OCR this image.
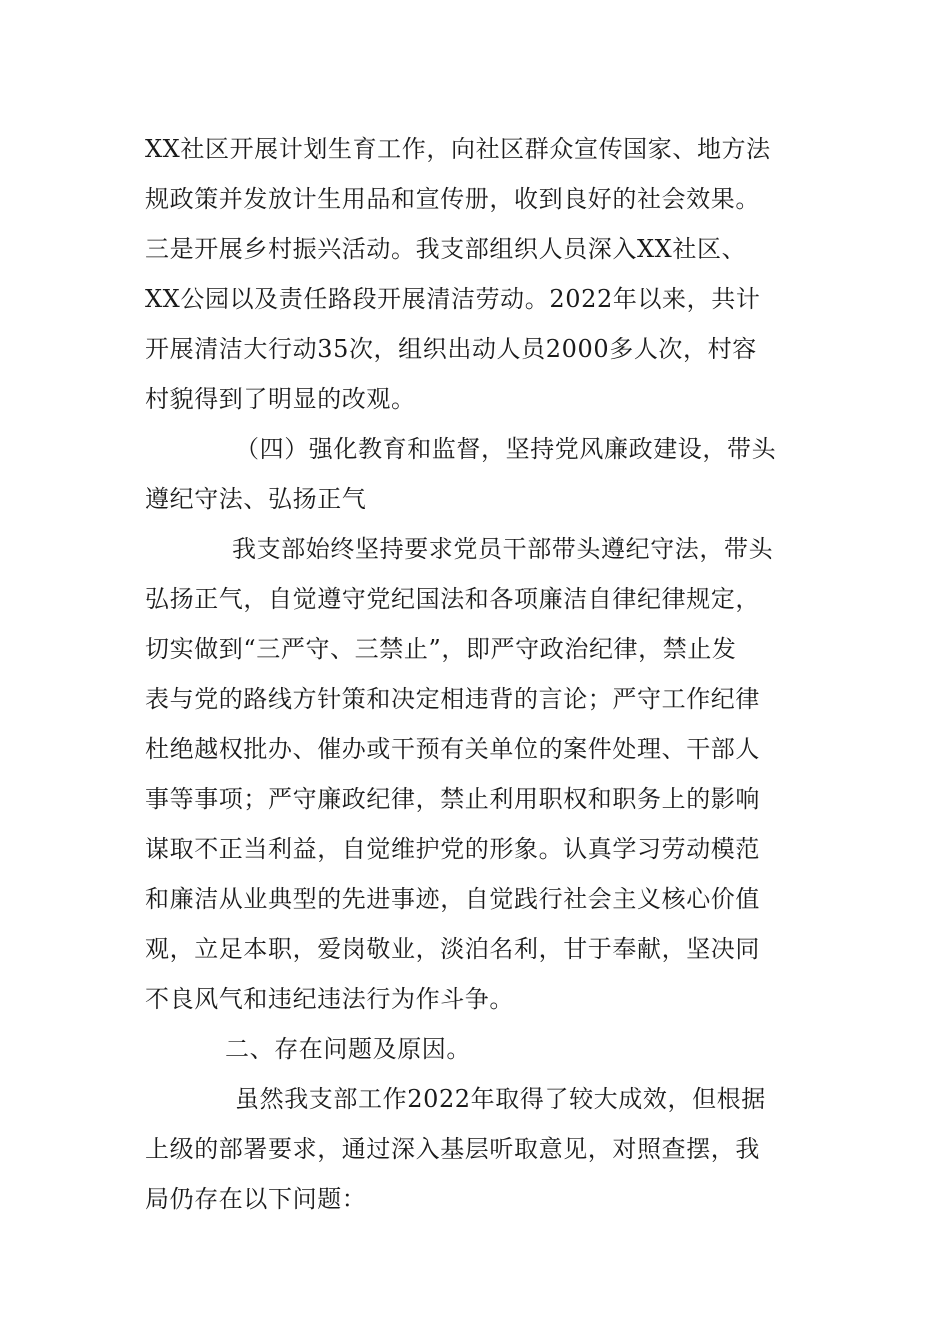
XX社区开展计划生育工作，向社区群众宣传国家、地方法
规政策并发放计生用品和宣传册，收到良好的社会效果。
三是开展乡村振兴活动。我支部组织人员深入XX社区、
XX公园以及责任路段开展清洁劳动。2022年以来，共计
开展清洁大行动35次，组织出动人员2000多人次，村容
村貌得到了明显的改观。
（四）强化教育和监督，坚持党风廉政建设，带头
遵纪守法、弘扬正气
我支部始终坚持要求党员干部带头遵纪守法，带头
弘扬正气，自觉遵守党纪国法和各项廉洁自律纪律规定，
切实做到“三严守、三禁止”，即严守政治纪律，禁止发
表与党的路线方针策和决定相违背的言论；严守工作纪律
杜绝越权批办、催办或干预有关单位的案件处理、干部人
事等事项；严守廉政纪律，禁止利用职权和职务上的影响
谋取不正当利益，自觉维护党的形象。认真学习劳动模范
和廉洁从业典型的先进事迹，自觉践行社会主义核心价值
观，立足本职，爱岗敬业，淡泊名利，甘于奉献，坚决同
不良风气和违纪违法行为作斗争。
二、存在问题及原因。
虽然我支部工作2022年取得了较大成效，但根据
上级的部署要求，通过深入基层听取意见，对照查摆，我
局仍存在以下问题：
